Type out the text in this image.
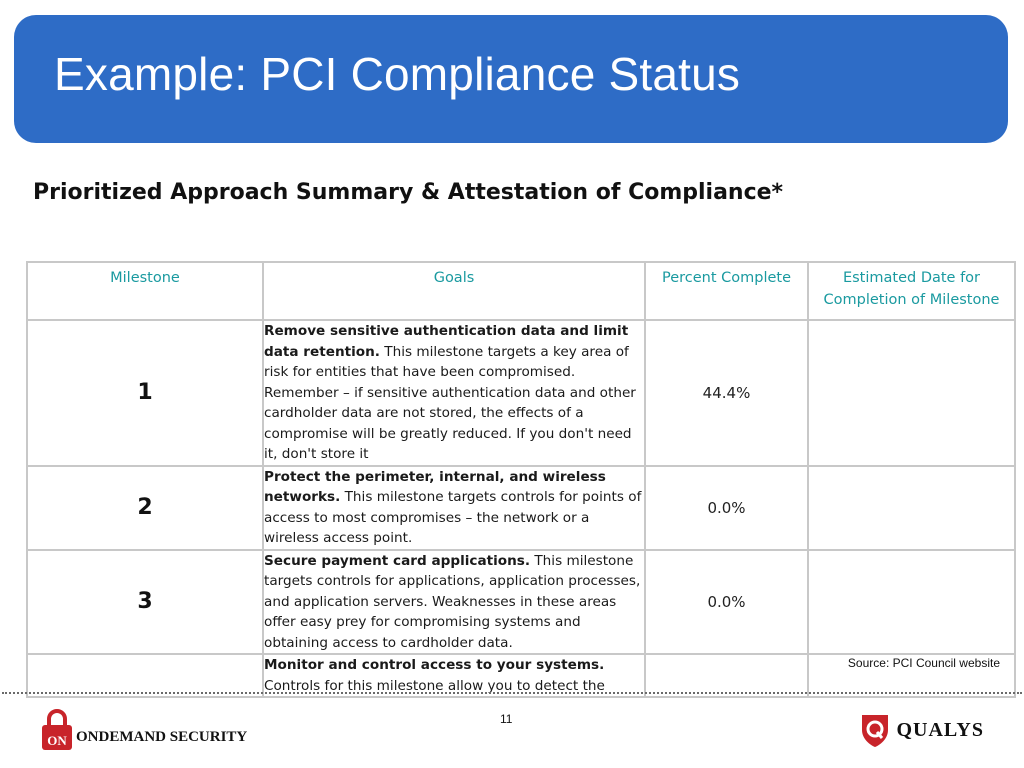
Example: PCI Compliance Status
Prioritized Approach Summary & Attestation of Compliance*
Milestone	Goals	Percent Complete	Estimated Date for
Completion of Milestone
1	Remove sensitive authentication data and limit data retention. This milestone targets a key area of risk for entities that have been compromised. Remember – if sensitive authentication data and other cardholder data are not stored, the effects of a compromise will be greatly reduced. If you don't need it, don't store it	44.4%	
2	Protect the perimeter, internal, and wireless networks. This milestone targets controls for points of access to most compromises – the network or a wireless access point.	0.0%	
3	Secure payment card applications. This milestone targets controls for applications, application processes, and application servers. Weaknesses in these areas offer easy prey for compromising systems and obtaining access to cardholder data.	0.0%	

	Monitor and control access to your systems. Controls for this milestone allow you to detect the		

Source: PCI Council website

11
ON ONDEMAND SECURITY	QUALYS
